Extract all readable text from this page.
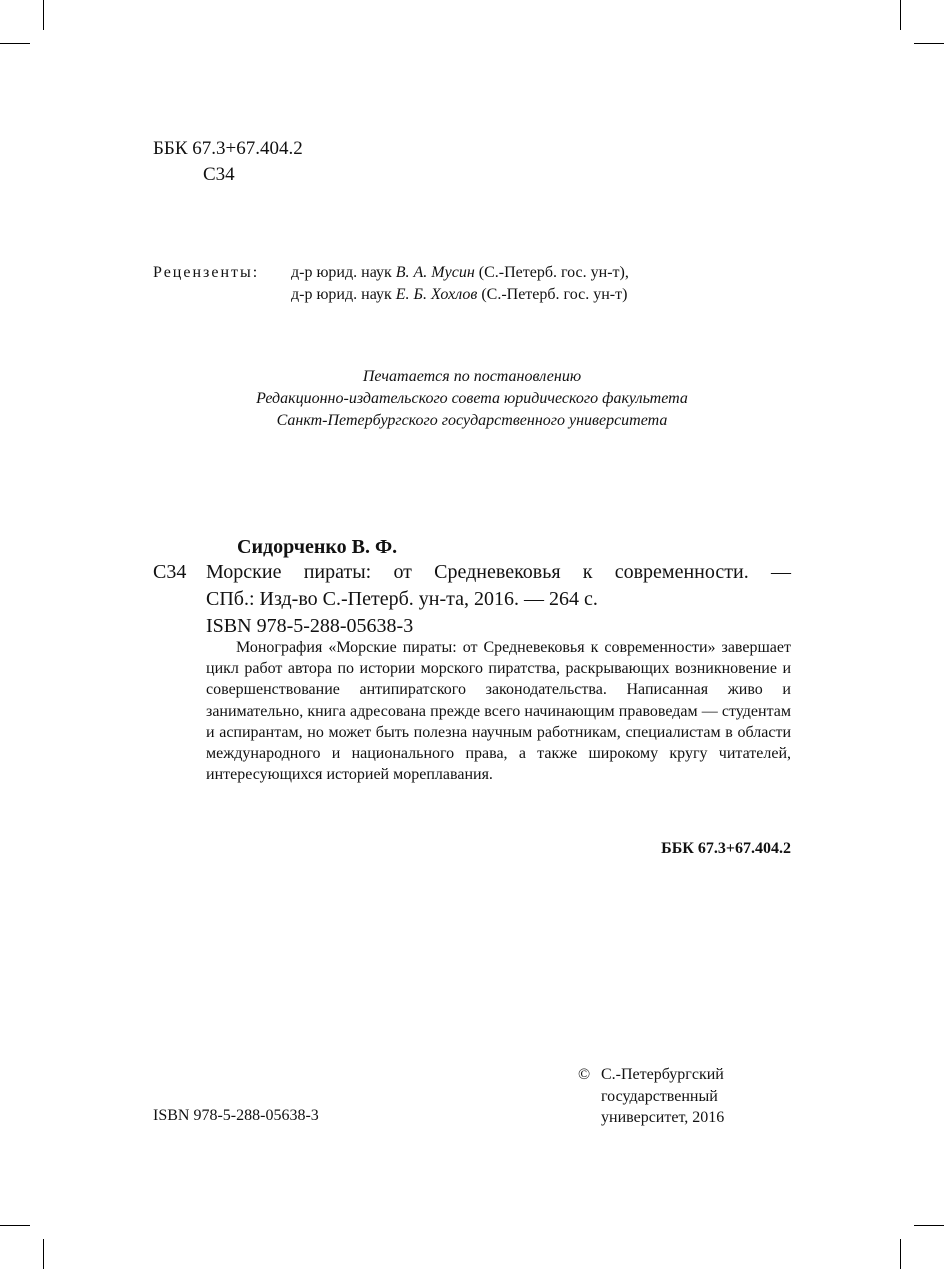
ББК 67.3+67.404.2
С34
Рецензенты:	д-р юрид. наук В. А. Мусин (С.-Петерб. гос. ун-т),
д-р юрид. наук Е. Б. Хохлов (С.-Петерб. гос. ун-т)
Печатается по постановлению
Редакционно-издательского совета юридического факультета
Санкт-Петербургского государственного университета
Сидорченко В. Ф.
С34 Морские пираты: от Средневековья к современности. —
СПб.: Изд-во С.-Петерб. ун-та, 2016. — 264 с.
ISBN 978-5-288-05638-3
Монография «Морские пираты: от Средневековья к современности» завершает цикл работ автора по истории морского пиратства, раскрывающих возникновение и совершенствование антипиратского законодательства. Написанная живо и занимательно, книга адресована прежде всего начинающим правоведам — студентам и аспирантам, но может быть полезна научным работникам, специалистам в области международного и национального права, а также широкому кругу читателей, интересующихся историей мореплавания.
ББК 67.3+67.404.2
ISBN 978-5-288-05638-3
© С.-Петербургский
государственный
университет, 2016
